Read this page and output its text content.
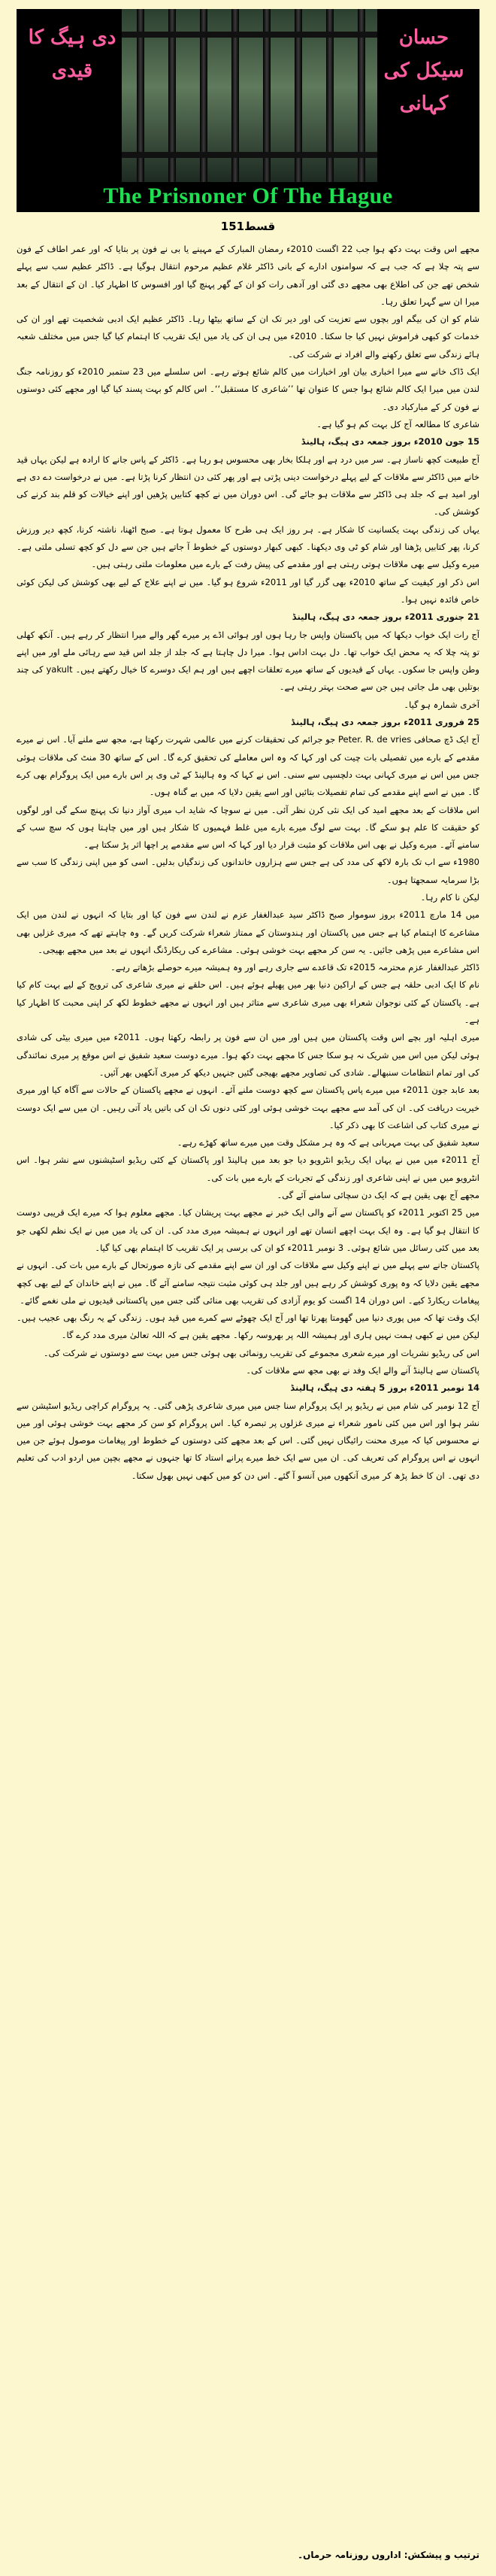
حسان سیکل کی کہانی
دی ہیگ کا قیدی
The Prisnoner Of The Hague
قسط151

مجھے اس وقت بہت دکھ ہوا جب 22 اگست 2010ء رمضان المبارک کے مہینے یا بی نے فون پر بتایا کہ اور عمر اطاف کے فون سے پتہ چلا ہے کہ جب ہے کہ سوامنوں ادارے کے بانی ڈاکٹر غلام عظیم مرحوم انتقال ہوگیا ہے۔ ڈاکٹر عظیم سب سے پہلے شخص تھے جن کی اطلاع بھی مجھے دی گئی اور آدھی رات کو ان کے گھر پہنچ گیا اور افسوس کا اظہار کیا۔ ان کے انتقال کے بعد میرا ان سے گہرا تعلق رہا۔

شام کو ان کی بیگم اور بچوں سے تعزیت کی اور دیر تک ان کے ساتھ بیٹھا رہا۔ ڈاکٹر عظیم ایک ادبی شخصیت تھے اور ان کی خدمات کو کبھی فراموش نہیں کیا جا سکتا۔ 2010ء میں ہی ان کی یاد میں ایک تقریب کا اہتمام کیا گیا جس میں مختلف شعبہ ہائے زندگی سے تعلق رکھنے والے افراد نے شرکت کی۔

ایک ڈاک خانے سے میرا اخباری بیان اور اخبارات میں کالم شائع ہوتے رہے۔ اس سلسلے میں 23 ستمبر 2010ء کو روزنامہ جنگ لندن میں میرا ایک کالم شائع ہوا جس کا عنوان تھا ’’شاعری کا مستقبل‘‘۔ اس کالم کو بہت پسند کیا گیا اور مجھے کئی دوستوں نے فون کر کے مبارکباد دی۔

شاعری کا مطالعہ آج کل بہت کم ہو گیا ہے۔

15 جون 2010ء بروز جمعہ دی ہیگ، ہالینڈ

آج طبیعت کچھ ناساز ہے۔ سر میں درد ہے اور ہلکا بخار بھی محسوس ہو رہا ہے۔ ڈاکٹر کے پاس جانے کا ارادہ ہے لیکن یہاں قید خانے میں ڈاکٹر سے ملاقات کے لیے پہلے درخواست دینی پڑتی ہے اور پھر کئی دن انتظار کرنا پڑتا ہے۔ میں نے درخواست دے دی ہے اور امید ہے کہ جلد ہی ڈاکٹر سے ملاقات ہو جائے گی۔ اس دوران میں نے کچھ کتابیں پڑھیں اور اپنے خیالات کو قلم بند کرنے کی کوشش کی۔

یہاں کی زندگی بہت یکسانیت کا شکار ہے۔ ہر روز ایک ہی طرح کا معمول ہوتا ہے۔ صبح اٹھنا، ناشتہ کرنا، کچھ دیر ورزش کرنا، پھر کتابیں پڑھنا اور شام کو ٹی وی دیکھنا۔ کبھی کبھار دوستوں کے خطوط آ جاتے ہیں جن سے دل کو کچھ تسلی ملتی ہے۔ میرے وکیل سے بھی ملاقات ہوتی رہتی ہے اور مقدمے کی پیش رفت کے بارے میں معلومات ملتی رہتی ہیں۔

اس ذکر اور کیفیت کے ساتھ 2010ء بھی گزر گیا اور 2011ء شروع ہو گیا۔ میں نے اپنے علاج کے لیے بھی کوشش کی لیکن کوئی خاص فائدہ نہیں ہوا۔

21 جنوری 2011ء بروز جمعہ دی ہیگ، ہالینڈ

آج رات ایک خواب دیکھا کہ میں پاکستان واپس جا رہا ہوں اور ہوائی اڈے پر میرے گھر والے میرا انتظار کر رہے ہیں۔ آنکھ کھلی تو پتہ چلا کہ یہ محض ایک خواب تھا۔ دل بہت اداس ہوا۔ میرا دل چاہتا ہے کہ جلد از جلد اس قید سے رہائی ملے اور میں اپنے وطن واپس جا سکوں۔ یہاں کے قیدیوں کے ساتھ میرے تعلقات اچھے ہیں اور ہم ایک دوسرے کا خیال رکھتے ہیں۔ yakult کی چند بوتلیں بھی مل جاتی ہیں جن سے صحت بہتر رہتی ہے۔

آخری شمارہ ہو گیا۔

25 فروری 2011ء بروز جمعہ دی ہیگ، ہالینڈ

آج ایک ڈچ صحافی Peter. R. de vries جو جرائم کی تحقیقات کرنے میں عالمی شہرت رکھتا ہے، مجھ سے ملنے آیا۔ اس نے میرے مقدمے کے بارے میں تفصیلی بات چیت کی اور کہا کہ وہ اس معاملے کی تحقیق کرے گا۔ اس کے ساتھ 30 منٹ کی ملاقات ہوئی جس میں اس نے میری کہانی بہت دلچسپی سے سنی۔ اس نے کہا کہ وہ ہالینڈ کے ٹی وی پر اس بارے میں ایک پروگرام بھی کرے گا۔ میں نے اسے اپنے مقدمے کی تمام تفصیلات بتائیں اور اسے یقین دلایا کہ میں بے گناہ ہوں۔

اس ملاقات کے بعد مجھے امید کی ایک نئی کرن نظر آئی۔ میں نے سوچا کہ شاید اب میری آواز دنیا تک پہنچ سکے گی اور لوگوں کو حقیقت کا علم ہو سکے گا۔ بہت سے لوگ میرے بارے میں غلط فہمیوں کا شکار ہیں اور میں چاہتا ہوں کہ سچ سب کے سامنے آئے۔ میرے وکیل نے بھی اس ملاقات کو مثبت قرار دیا اور کہا کہ اس سے مقدمے پر اچھا اثر پڑ سکتا ہے۔

1980ء سے اب تک بارہ لاکھ کی مدد کی ہے جس سے ہزاروں خاندانوں کی زندگیاں بدلیں۔ اسی کو میں اپنی زندگی کا سب سے بڑا سرمایہ سمجھتا ہوں۔

لیکن نا کام رہا۔

میں 14 مارچ 2011ء بروز سوموار صبح ڈاکٹر سید عبدالغفار عزم نے لندن سے فون کیا اور بتایا کہ انہوں نے لندن میں ایک مشاعرے کا اہتمام کیا ہے جس میں پاکستان اور ہندوستان کے ممتاز شعراء شرکت کریں گے۔ وہ چاہتے تھے کہ میری غزلیں بھی اس مشاعرے میں پڑھی جائیں۔ یہ سن کر مجھے بہت خوشی ہوئی۔ مشاعرے کی ریکارڈنگ انہوں نے بعد میں مجھے بھیجی۔

ڈاکٹر عبدالغفار عزم محترمہ 2015ء تک قاعدے سے جاری رہے اور وہ ہمیشہ میرے حوصلے بڑھاتے رہے۔

نام کا ایک ادبی حلقہ ہے جس کے اراکین دنیا بھر میں پھیلے ہوئے ہیں۔ اس حلقے نے میری شاعری کی ترویج کے لیے بہت کام کیا ہے۔ پاکستان کے کئی نوجوان شعراء بھی میری شاعری سے متاثر ہیں اور انہوں نے مجھے خطوط لکھ کر اپنی محبت کا اظہار کیا ہے۔

میری اہلیہ اور بچے اس وقت پاکستان میں ہیں اور میں ان سے فون پر رابطہ رکھتا ہوں۔ 2011ء میں میری بیٹی کی شادی ہوئی لیکن میں اس میں شریک نہ ہو سکا جس کا مجھے بہت دکھ ہوا۔ میرے دوست سعید شفیق نے اس موقع پر میری نمائندگی کی اور تمام انتظامات سنبھالے۔ شادی کی تصاویر مجھے بھیجی گئیں جنہیں دیکھ کر میری آنکھیں بھر آئیں۔

بعد عابد جون 2011ء میں میرے پاس پاکستان سے کچھ دوست ملنے آئے۔ انہوں نے مجھے پاکستان کے حالات سے آگاہ کیا اور میری خیریت دریافت کی۔ ان کی آمد سے مجھے بہت خوشی ہوئی اور کئی دنوں تک ان کی باتیں یاد آتی رہیں۔ ان میں سے ایک دوست نے میری کتاب کی اشاعت کا بھی ذکر کیا۔

سعید شفیق کی بہت مہربانی ہے کہ وہ ہر مشکل وقت میں میرے ساتھ کھڑے رہے۔

آج 2011ء میں میں نے یہاں ایک ریڈیو انٹرویو دیا جو بعد میں ہالینڈ اور پاکستان کے کئی ریڈیو اسٹیشنوں سے نشر ہوا۔ اس انٹرویو میں میں نے اپنی شاعری اور زندگی کے تجربات کے بارے میں بات کی۔

مجھے آج بھی یقین ہے کہ ایک دن سچائی سامنے آئے گی۔

میں 25 اکتوبر 2011ء کو پاکستان سے آنے والی ایک خبر نے مجھے بہت پریشان کیا۔ مجھے معلوم ہوا کہ میرے ایک قریبی دوست کا انتقال ہو گیا ہے۔ وہ ایک بہت اچھے انسان تھے اور انہوں نے ہمیشہ میری مدد کی۔ ان کی یاد میں میں نے ایک نظم لکھی جو بعد میں کئی رسائل میں شائع ہوئی۔ 3 نومبر 2011ء کو ان کی برسی پر ایک تقریب کا اہتمام بھی کیا گیا۔

پاکستان جانے سے پہلے میں نے اپنے وکیل سے ملاقات کی اور ان سے اپنے مقدمے کی تازہ صورتحال کے بارے میں بات کی۔ انہوں نے مجھے یقین دلایا کہ وہ پوری کوشش کر رہے ہیں اور جلد ہی کوئی مثبت نتیجہ سامنے آئے گا۔ میں نے اپنے خاندان کے لیے بھی کچھ پیغامات ریکارڈ کیے۔ اس دوران 14 اگست کو یوم آزادی کی تقریب بھی منائی گئی جس میں پاکستانی قیدیوں نے ملی نغمے گائے۔

ایک وقت تھا کہ میں پوری دنیا میں گھومتا پھرتا تھا اور آج ایک چھوٹے سے کمرے میں قید ہوں۔ زندگی کے یہ رنگ بھی عجیب ہیں۔ لیکن میں نے کبھی ہمت نہیں ہاری اور ہمیشہ اللہ پر بھروسہ رکھا۔ مجھے یقین ہے کہ اللہ تعالیٰ میری مدد کرے گا۔

اس کی ریڈیو نشریات اور میرے شعری مجموعے کی تقریب رونمائی بھی ہوئی جس میں بہت سے دوستوں نے شرکت کی۔

پاکستان سے ہالینڈ آنے والے ایک وفد نے بھی مجھ سے ملاقات کی۔

14 نومبر 2011ء بروز 5 ہفتہ دی ہیگ، ہالینڈ

آج 12 نومبر کی شام میں نے ریڈیو پر ایک پروگرام سنا جس میں میری شاعری پڑھی گئی۔ یہ پروگرام کراچی ریڈیو اسٹیشن سے نشر ہوا اور اس میں کئی نامور شعراء نے میری غزلوں پر تبصرہ کیا۔ اس پروگرام کو سن کر مجھے بہت خوشی ہوئی اور میں نے محسوس کیا کہ میری محنت رائیگاں نہیں گئی۔ اس کے بعد مجھے کئی دوستوں کے خطوط اور پیغامات موصول ہوئے جن میں انہوں نے اس پروگرام کی تعریف کی۔ ان میں سے ایک خط میرے پرانے استاد کا تھا جنہوں نے مجھے بچپن میں اردو ادب کی تعلیم دی تھی۔ ان کا خط پڑھ کر میری آنکھوں میں آنسو آ گئے۔ اس دن کو میں کبھی نہیں بھول سکتا۔

ترتیب و پیشکش: اداروں روزنامہ حرماں۔
